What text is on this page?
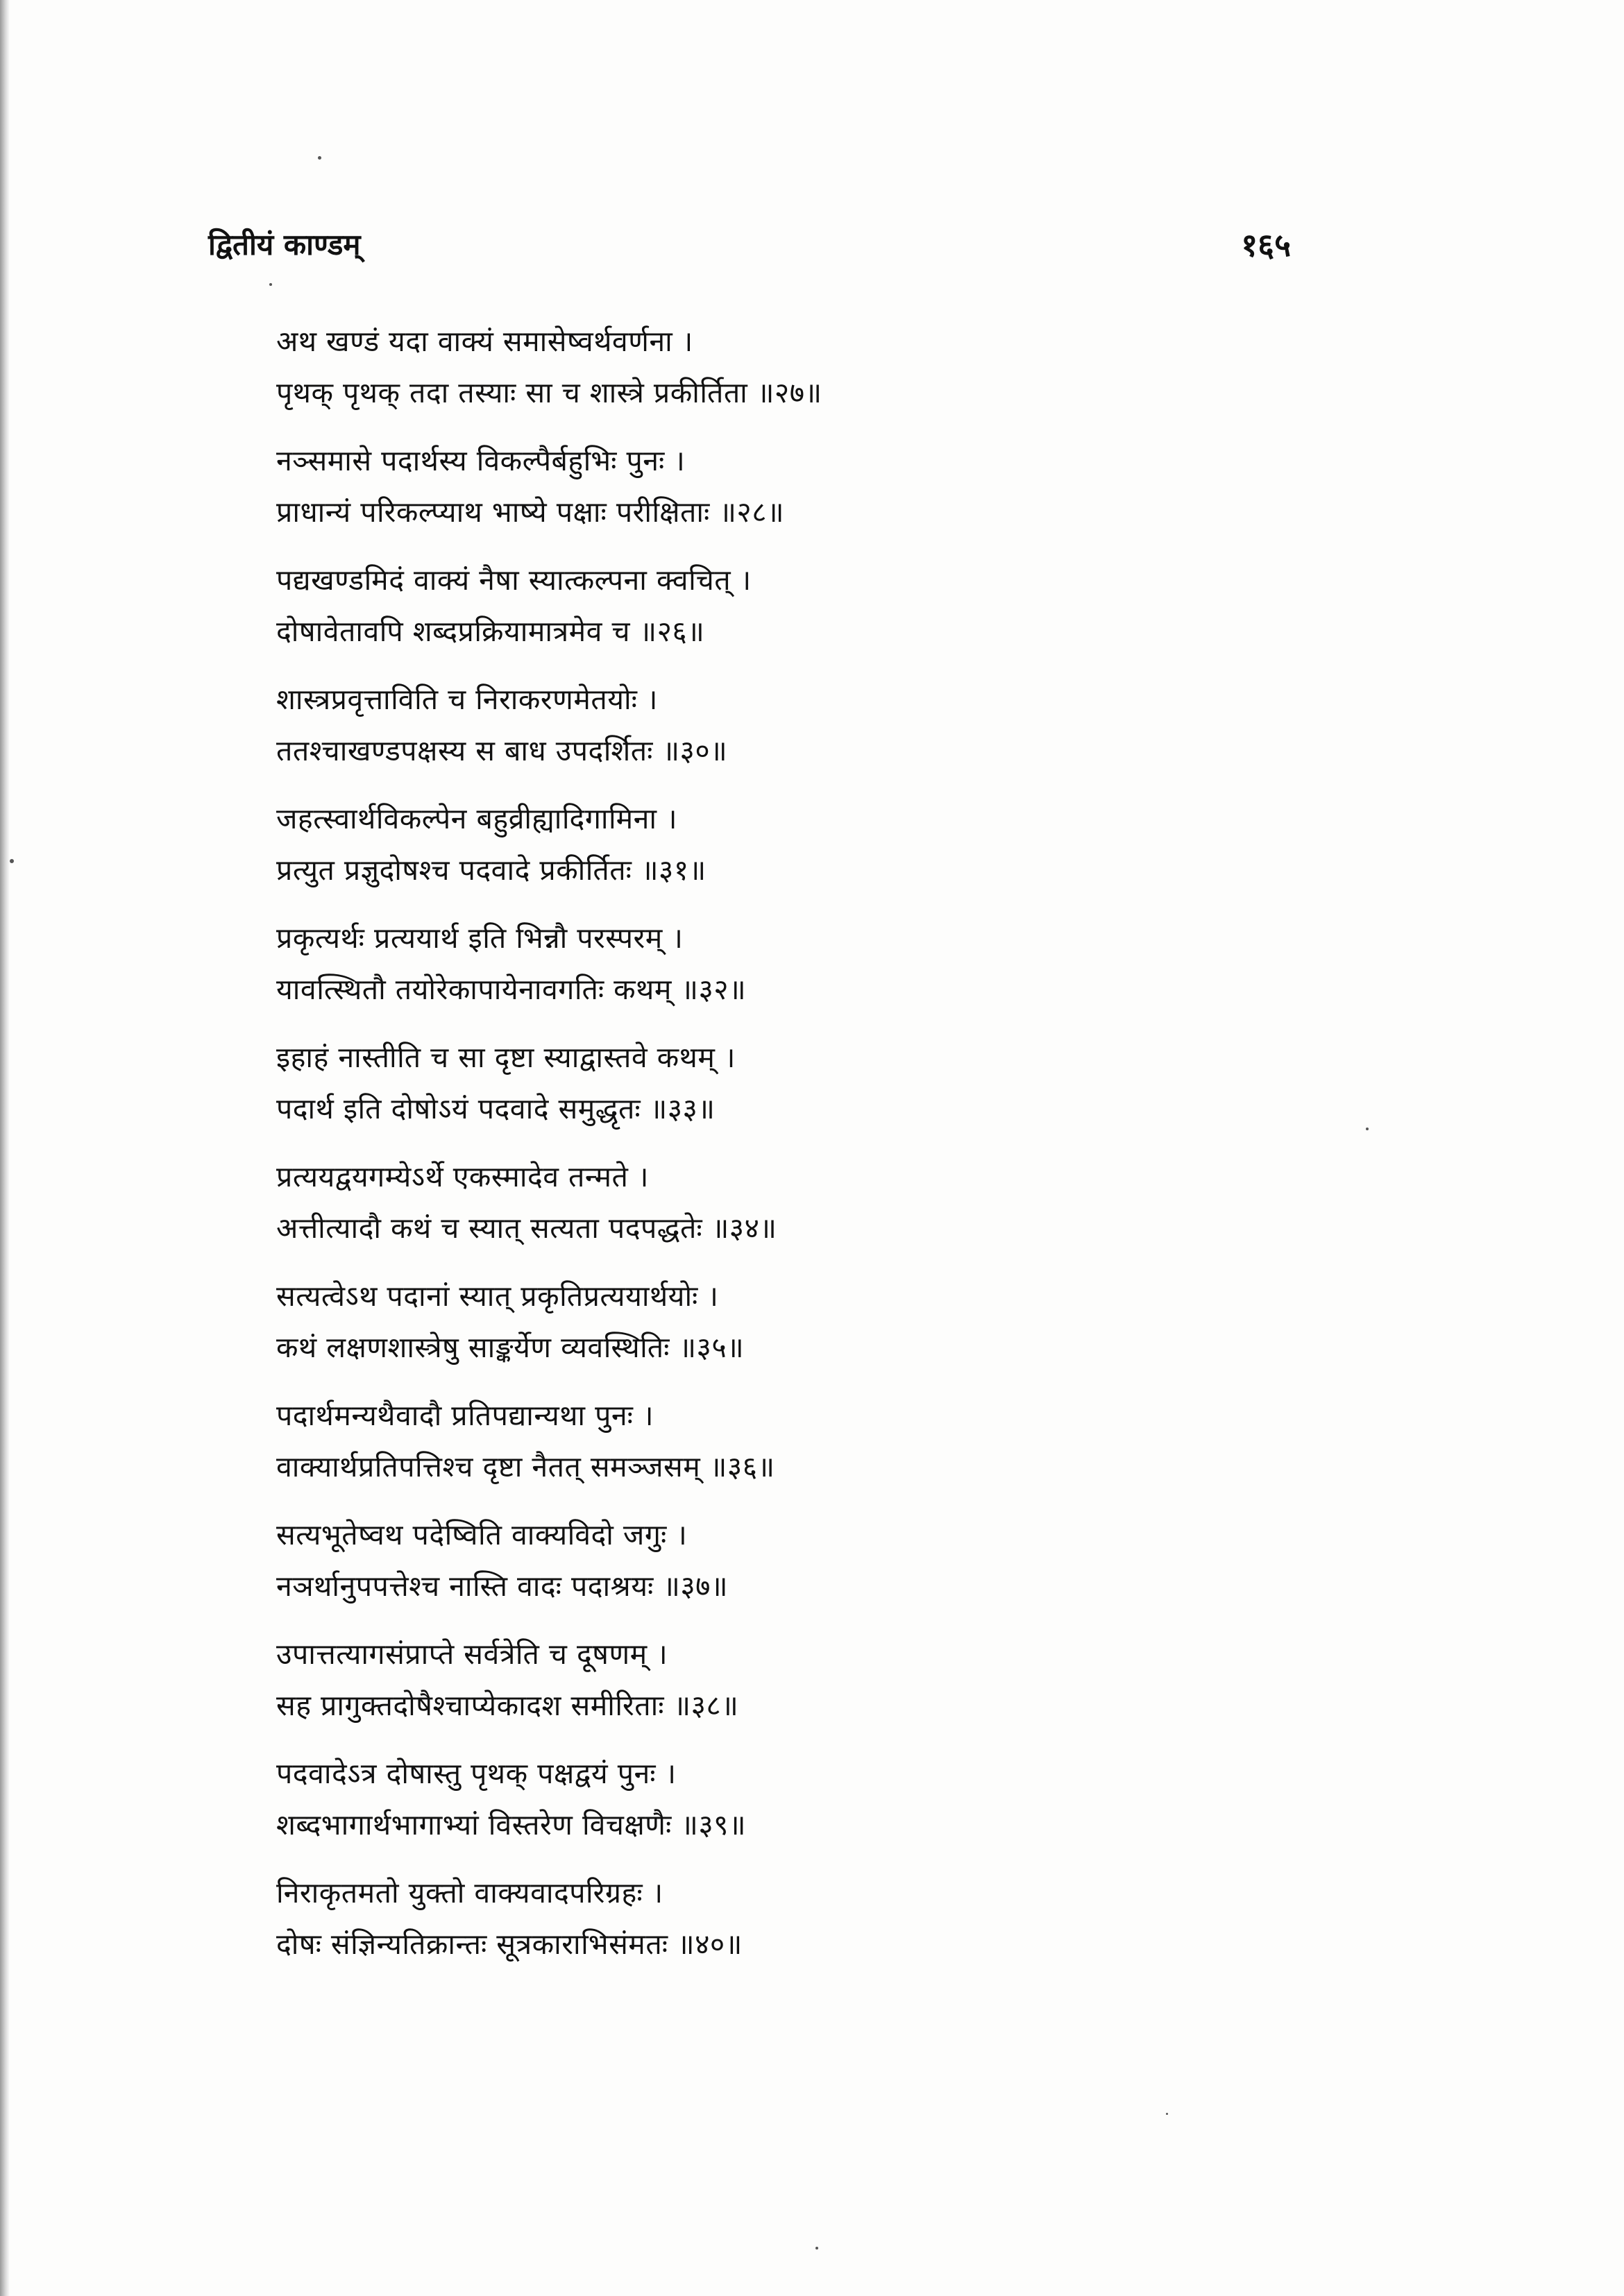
द्वितीयं काण्डम्	१६५
अथ खण्डं यदा वाक्यं समासेष्वर्थवर्णना ।
पृथक् पृथक् तदा तस्याः सा च शास्त्रे प्रकीर्तिता ॥२७॥
नञ्समासे पदार्थस्य विकल्पैर्बहुभिः पुनः ।
प्राधान्यं परिकल्प्याथ भाष्ये पक्षाः परीक्षिताः ॥२८॥
पद्यखण्डमिदं वाक्यं नैषा स्यात्कल्पना क्वचित् ।
दोषावेतावपि शब्दप्रक्रियामात्रमेव च ॥२६॥
शास्त्रप्रवृत्ताविति च निराकरणमेतयोः ।
ततश्चाखण्डपक्षस्य स बाध उपदर्शितः ॥३०॥
जहत्स्वार्थविकल्पेन बहुव्रीह्यादिगामिना ।
प्रत्युत प्रज्ञुदोषश्च पदवादे प्रकीर्तितः ॥३१॥
प्रकृत्यर्थः प्रत्ययार्थ इति भिन्नौ परस्परम् ।
यावत्स्थितौ तयोरेकापायेनावगतिः कथम् ॥३२॥
इहाहं नास्तीति च सा दृष्टा स्याद्वास्तवे कथम् ।
पदार्थ इति दोषोऽयं पदवादे समुद्धृतः ॥३३॥
प्रत्ययद्वयगम्येऽर्थे एकस्मादेव तन्मते ।
अत्तीत्यादौ कथं च स्यात् सत्यता पदपद्धतेः ॥३४॥
सत्यत्वेऽथ पदानां स्यात् प्रकृतिप्रत्ययार्थयोः ।
कथं लक्षणशास्त्रेषु साङ्कर्येण व्यवस्थितिः ॥३५॥
पदार्थमन्यथैवादौ प्रतिपद्यान्यथा पुनः ।
वाक्यार्थप्रतिपत्तिश्च दृष्टा नैतत् समञ्जसम् ॥३६॥
सत्यभूतेष्वथ पदेष्विति वाक्यविदो जगुः ।
नञर्थानुपपत्तेश्च नास्ति वादः पदाश्रयः ॥३७॥
उपात्तत्यागसंप्राप्ते सर्वत्रेति च दूषणम् ।
सह प्रागुक्तदोषैश्चाप्येकादश समीरिताः ॥३८॥
पदवादेऽत्र दोषास्तु पृथक् पक्षद्वयं पुनः ।
शब्दभागार्थभागाभ्यां विस्तरेण विचक्षणैः ॥३९॥
निराकृतमतो युक्तो वाक्यवादपरिग्रहः ।
दोषः संज्ञिन्यतिक्रान्तः सूत्रकाराभिसंमतः ॥४०॥
